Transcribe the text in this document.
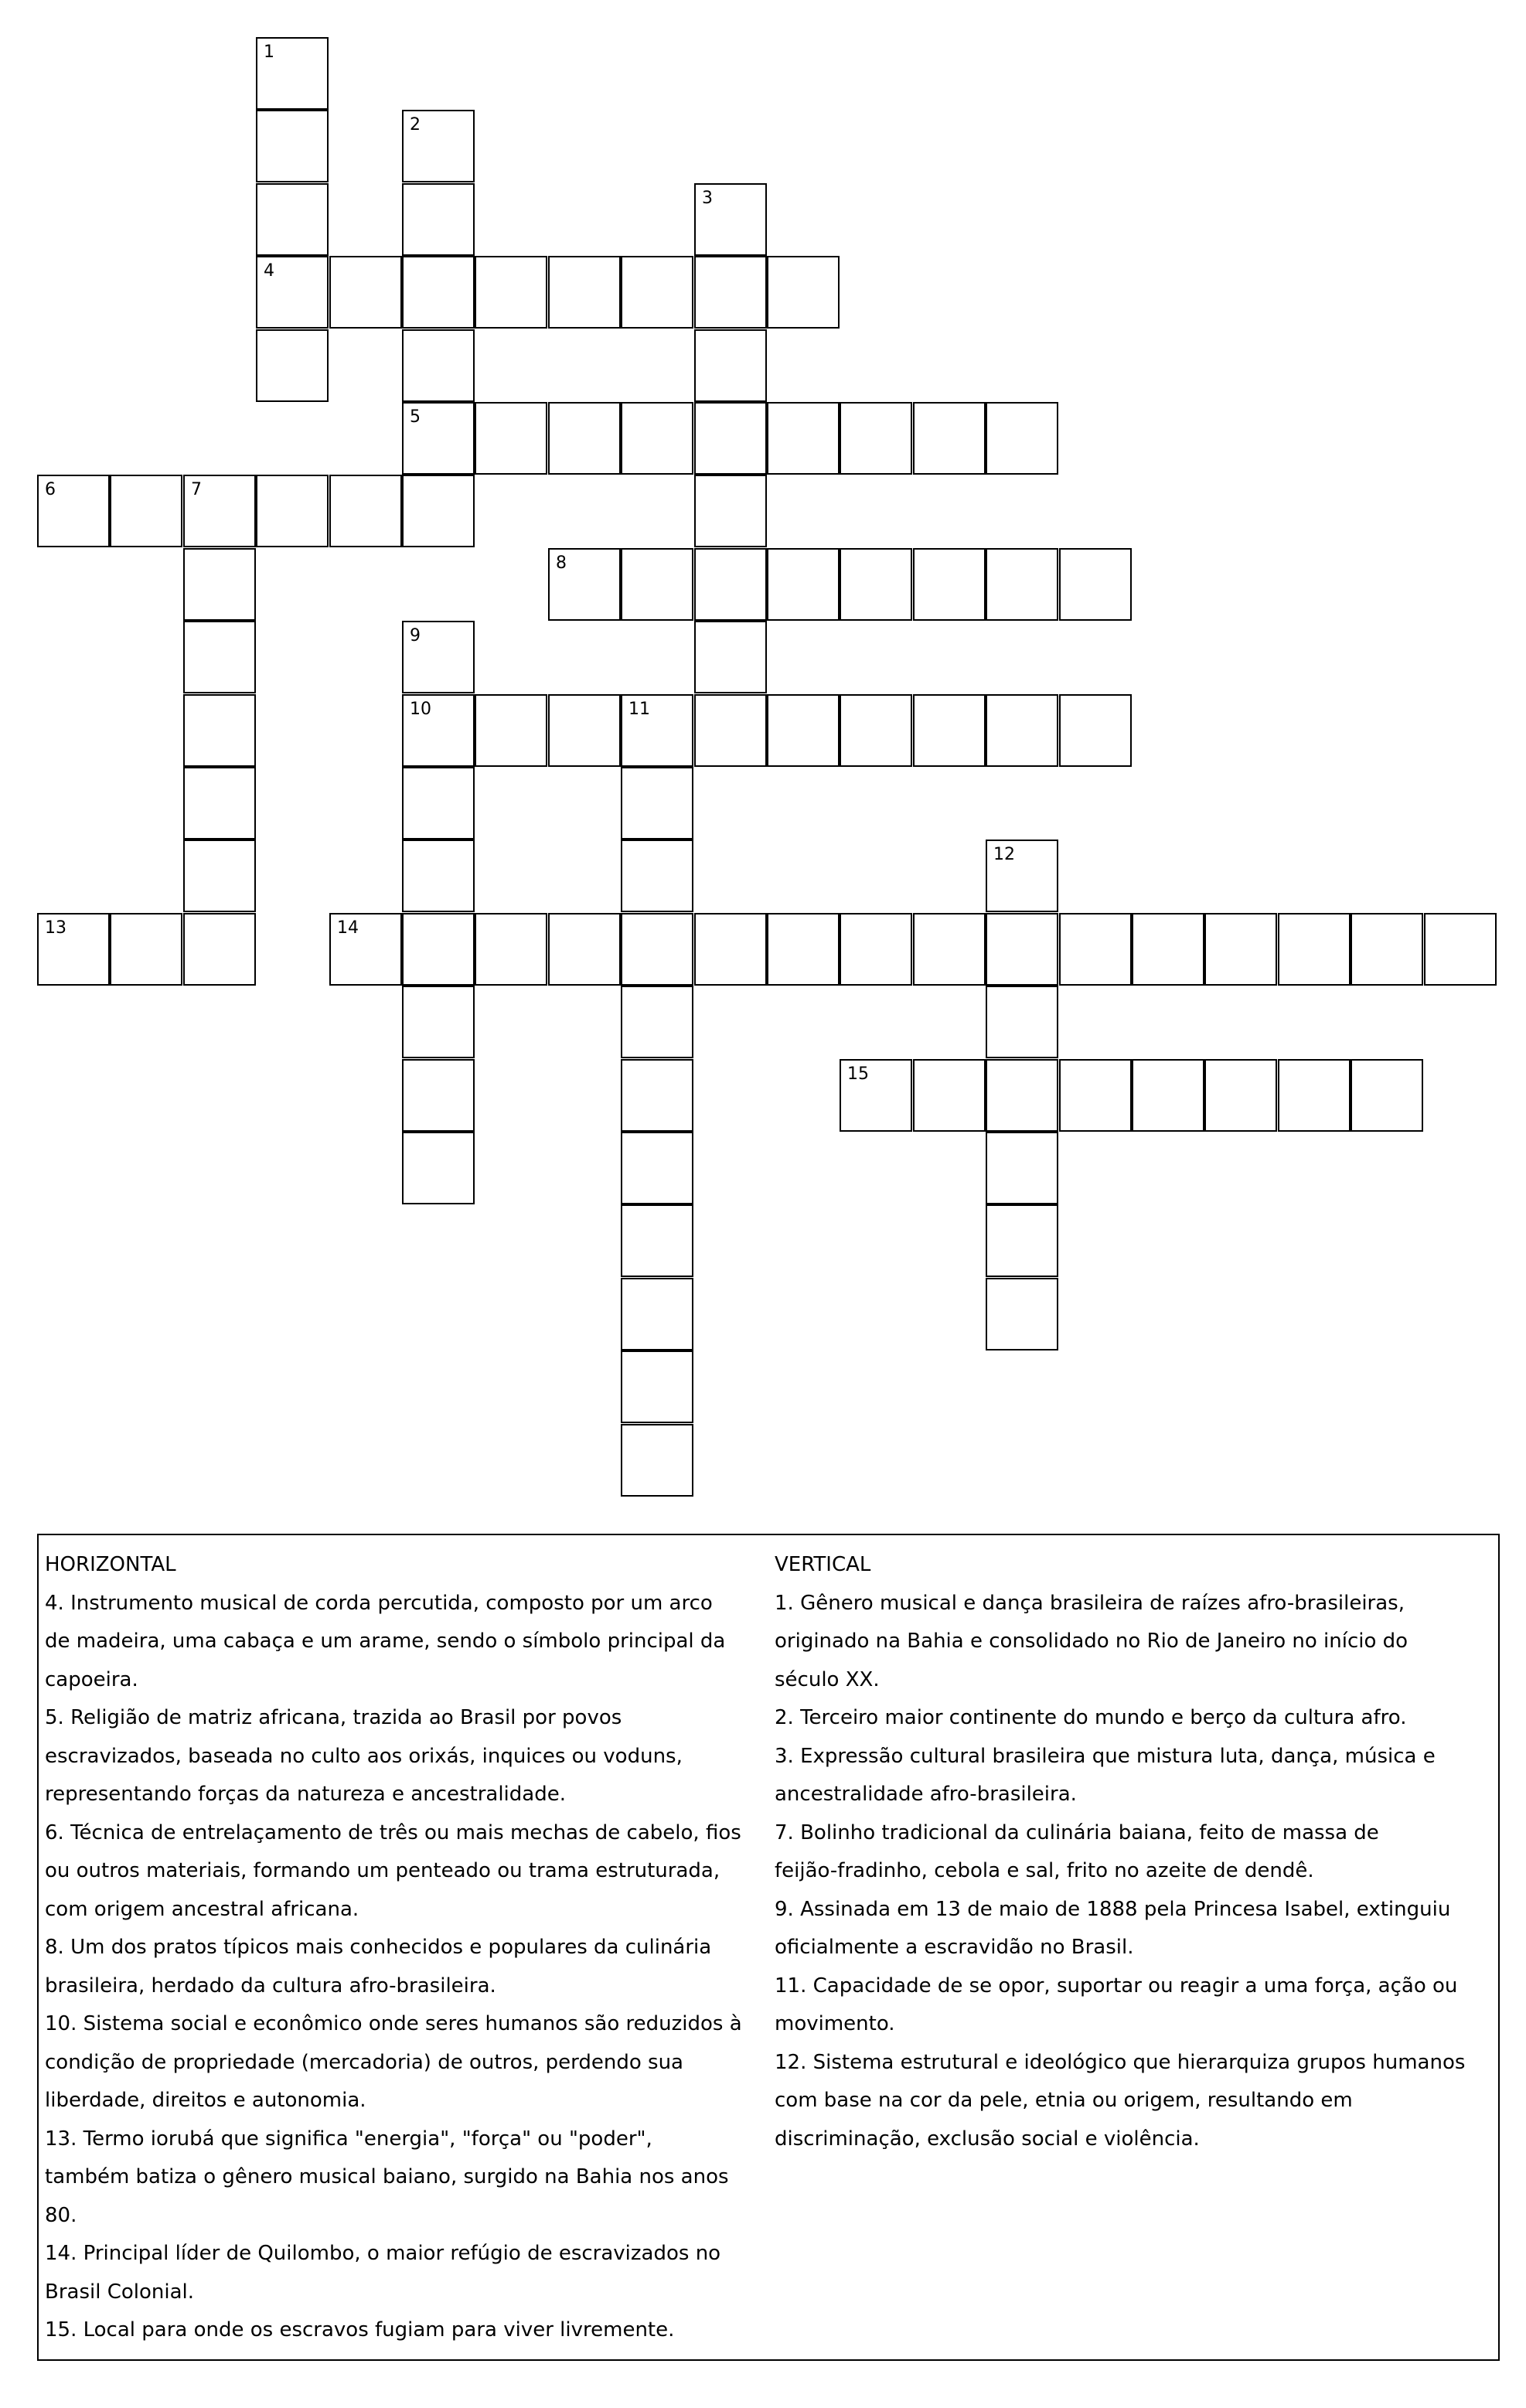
1
4
2
5
3
6	7
8
9
10	11
12
13	14
15
HORIZONTAL
4. Instrumento musical de corda percutida, composto por um arco
de madeira, uma cabaça e um arame, sendo o símbolo principal da
capoeira.
5. Religião de matriz africana, trazida ao Brasil por povos
escravizados, baseada no culto aos orixás, inquices ou voduns,
representando forças da natureza e ancestralidade.
6. Técnica de entrelaçamento de três ou mais mechas de cabelo, fios
ou outros materiais, formando um penteado ou trama estruturada,
com origem ancestral africana.
8. Um dos pratos típicos mais conhecidos e populares da culinária
brasileira, herdado da cultura afro-brasileira.
10. Sistema social e econômico onde seres humanos são reduzidos à
condição de propriedade (mercadoria) de outros, perdendo sua
liberdade, direitos e autonomia.
13. Termo iorubá que significa "energia", "força" ou "poder",
também batiza o gênero musical baiano, surgido na Bahia nos anos
80.
14. Principal líder de Quilombo, o maior refúgio de escravizados no
Brasil Colonial.
15. Local para onde os escravos fugiam para viver livremente.
VERTICAL
1. Gênero musical e dança brasileira de raízes afro-brasileiras,
originado na Bahia e consolidado no Rio de Janeiro no início do
século XX.
2. Terceiro maior continente do mundo e berço da cultura afro.
3. Expressão cultural brasileira que mistura luta, dança, música e
ancestralidade afro-brasileira.
7. Bolinho tradicional da culinária baiana, feito de massa de
feijão-fradinho, cebola e sal, frito no azeite de dendê.
9. Assinada em 13 de maio de 1888 pela Princesa Isabel, extinguiu
oficialmente a escravidão no Brasil.
11. Capacidade de se opor, suportar ou reagir a uma força, ação ou
movimento.
12. Sistema estrutural e ideológico que hierarquiza grupos humanos
com base na cor da pele, etnia ou origem, resultando em
discriminação, exclusão social e violência.
